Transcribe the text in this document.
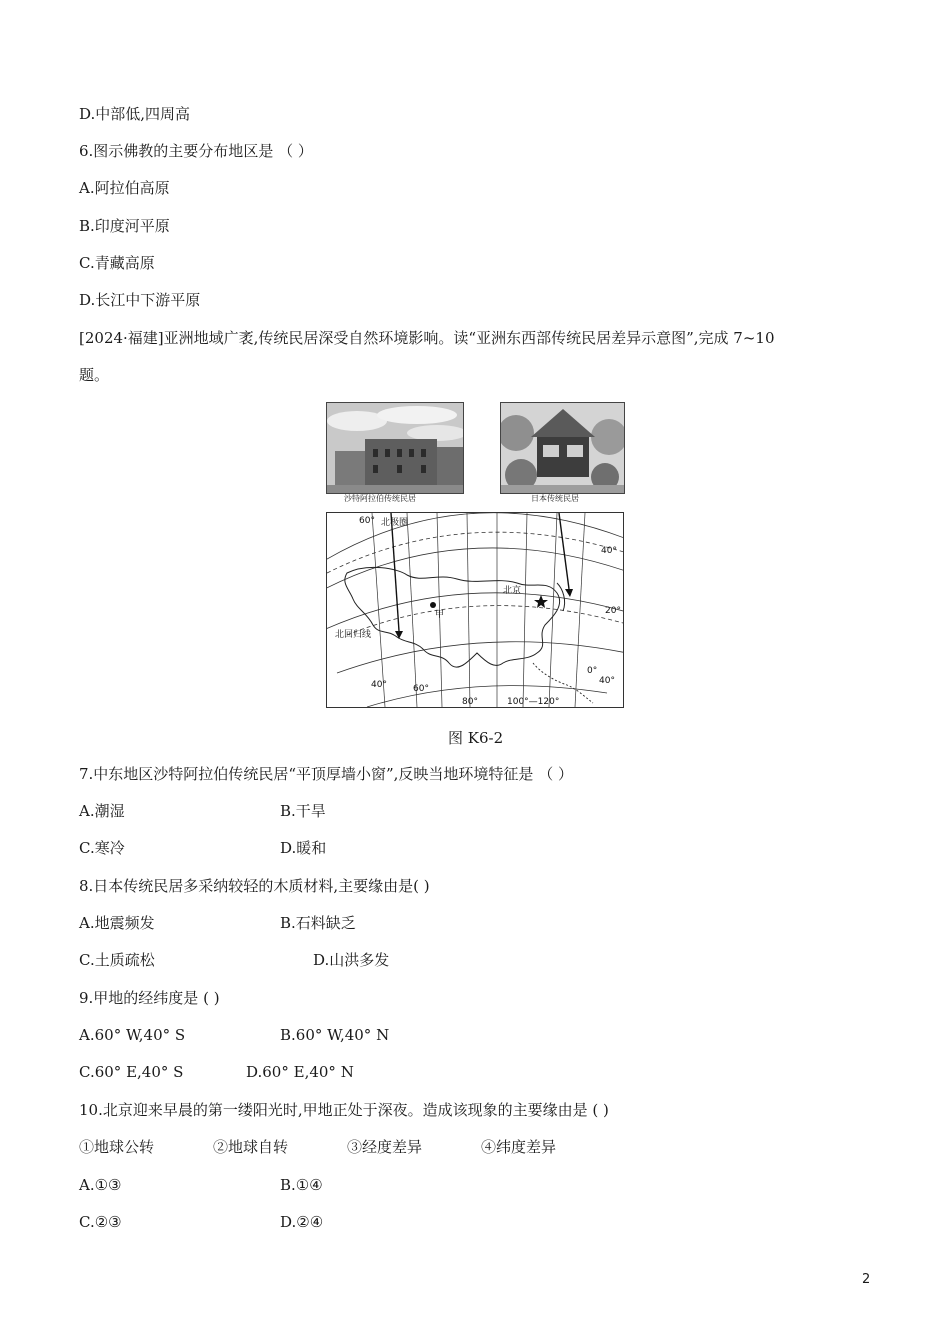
D.中部低,四周高
6.图示佛教的主要分布地区是 （ ）
A.阿拉伯高原
B.印度河平原
C.青藏高原
D.长江中下游平原
[2024·福建]亚洲地域广袤,传统民居深受自然环境影响。读“亚洲东西部传统民居差异示意图”,完成 7~10
题。
沙特阿拉伯传统民居	日本传统民居
60° 北极圈
北回归线
甲
北京
40°
20°
0°
40°
40°	60°
80°	100°—120°
图 K6-2
7.中东地区沙特阿拉伯传统民居“平顶厚墙小窗”,反映当地环境特征是 （ ）
A.潮湿	B.干旱
C.寒冷	D.暖和
8.日本传统民居多采纳较轻的木质材料,主要缘由是( )
A.地震频发	B.石料缺乏
C.土质疏松	D.山洪多发
9.甲地的经纬度是 ( )
A.60° W,40° S	B.60° W,40° N
C.60° E,40° S	D.60° E,40° N
10.北京迎来早晨的第一缕阳光时,甲地正处于深夜。造成该现象的主要缘由是 ( )
①地球公转	②地球自转	③经度差异	④纬度差异
A.①③	B.①④
C.②③	D.②④
2
